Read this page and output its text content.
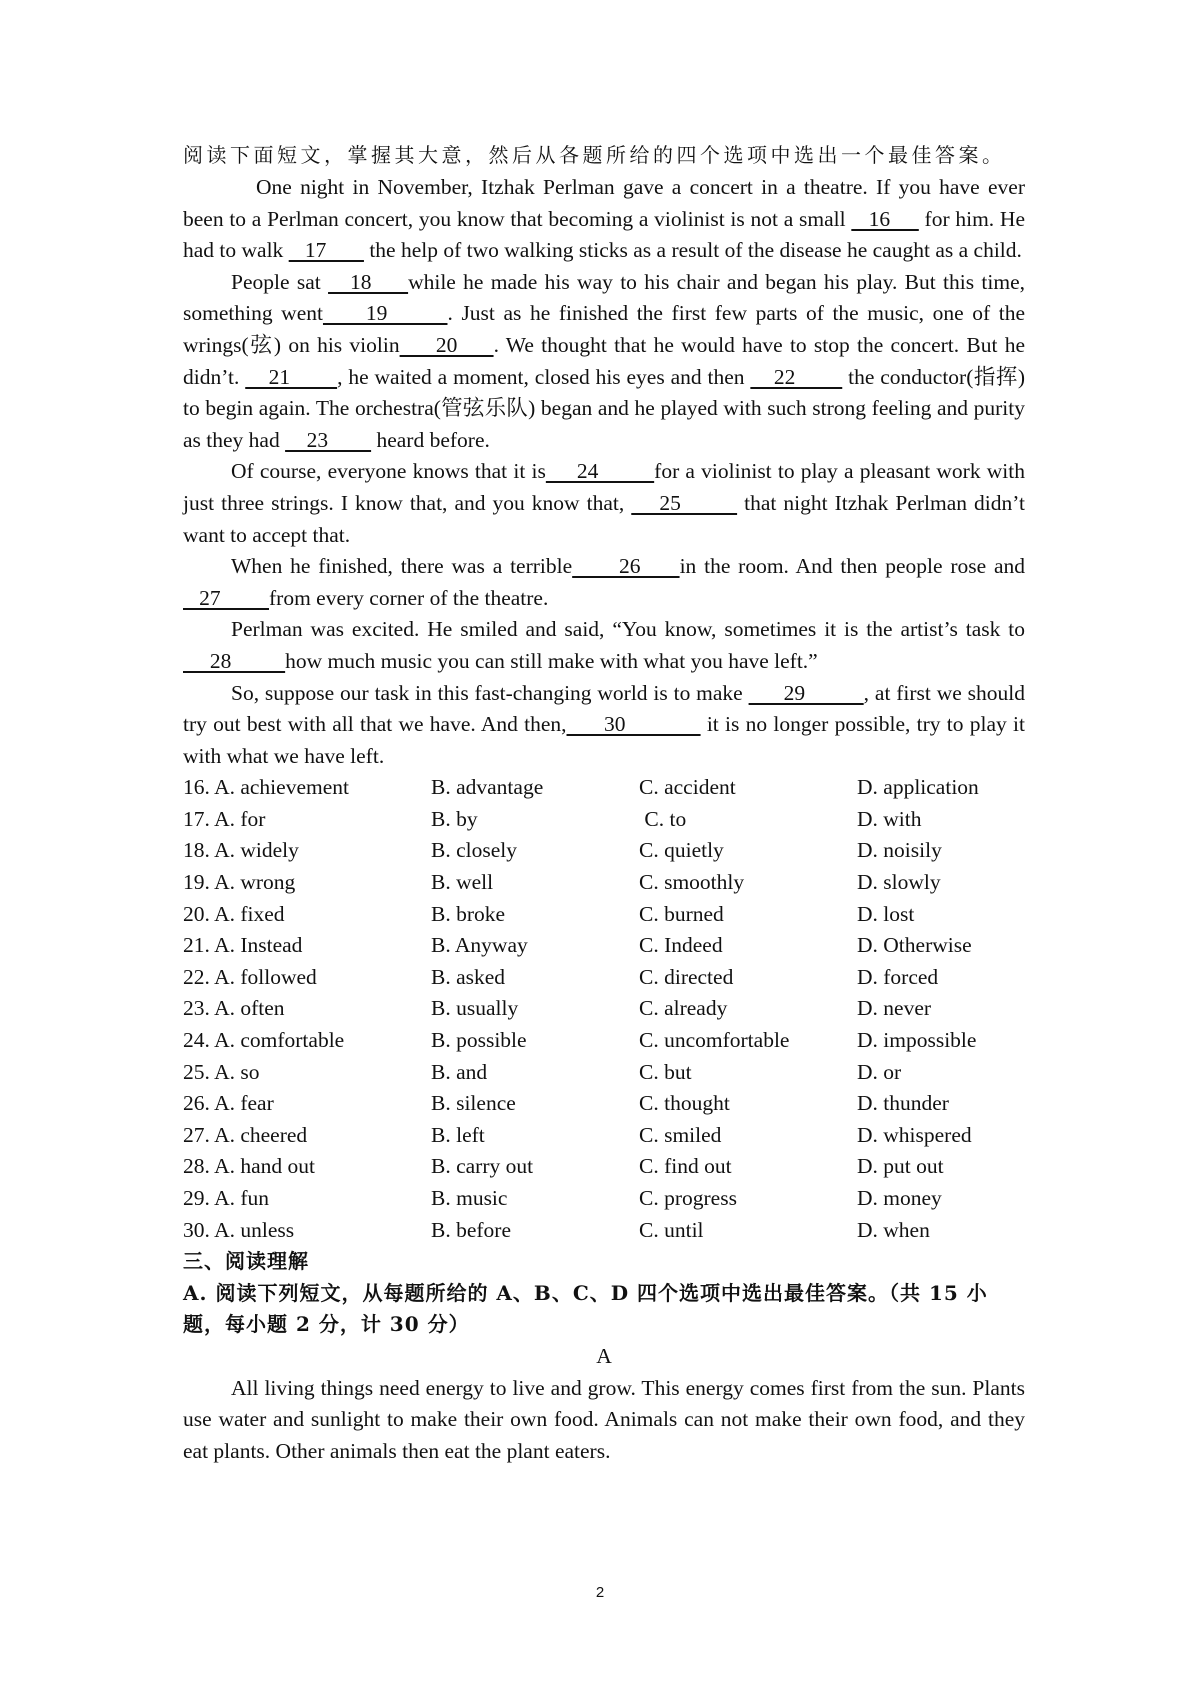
阅读下面短文，掌握其大意，然后从各题所给的四个选项中选出一个最佳答案。

One night in November, Itzhak Perlman gave a concert in a theatre. If you have ever been to a Perlman concert, you know that becoming a violinist is not a small    16      for him. He had to walk    17        the help of two walking sticks as a result of the disease he caught as a child.

People sat    18     while he made his way to his chair and began his play. But this time, something went     19       . Just as he finished the first few parts of the music, one of the wrings(弦) on his violin     20     . We thought that he would have to stop the concert. But he didn’t.     21        , he waited a moment, closed his eyes and then     22         the conductor(指挥) to begin again. The orchestra(管弦乐队) began and he played with such strong feeling and purity as they had     23         heard before.

Of course, everyone knows that it is     24         for a violinist to play a pleasant work with just three strings. I know that, and you know that,     25         that night Itzhak Perlman didn’t want to accept that.

When he finished, there was a terrible      26     in the room. And then people rose and   27         from every corner of the theatre.

Perlman was excited. He smiled and said, “You know, sometimes it is the artist’s task to      28          how much music you can still make with what you have left.”

So, suppose our task in this fast-changing world is to make       29          , at first we should try out best with all that we have. And then,      30             it is no longer possible, try to play it with what we have left.

16. A. achievement	B. advantage	C. accident	D. application
17. A. for	B. by	C. to	D. with
18. A. widely	B. closely	C. quietly	D. noisily
19. A. wrong	B. well	C. smoothly	D. slowly
20. A. fixed	B. broke	C. burned	D. lost
21. A. Instead	B. Anyway	C. Indeed	D. Otherwise
22. A. followed	B. asked	C. directed	D. forced
23. A. often	B. usually	C. already	D. never
24. A. comfortable	B. possible	C. uncomfortable	D. impossible
25. A. so	B. and	C. but	D. or
26. A. fear	B. silence	C. thought	D. thunder
27. A. cheered	B. left	C. smiled	D. whispered
28. A. hand out	B. carry out	C. find out	D. put out
29. A. fun	B. music	C. progress	D. money
30. A. unless	B. before	C. until	D. when
三、阅读理解
A. 阅读下列短文，从每题所给的 A、B、C、D 四个选项中选出最佳答案。（共 15 小题，每小题 2 分，计 30 分）
A

All living things need energy to live and grow. This energy comes first from the sun. Plants use water and sunlight to make their own food. Animals can not make their own food, and they eat plants. Other animals then eat the plant eaters.

2
